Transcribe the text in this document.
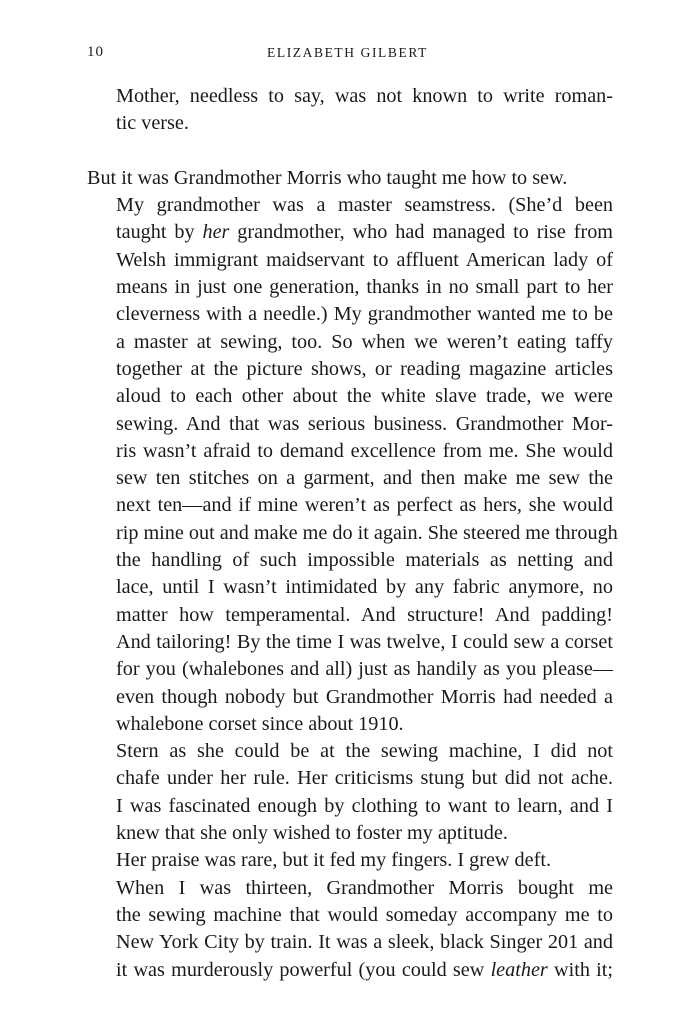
10	ELIZABETH GILBERT
Mother, needless to say, was not known to write roman-
tic verse.
But it was Grandmother Morris who taught me how to sew.
My grandmother was a master seamstress. (She’d been
taught by her grandmother, who had managed to rise from
Welsh immigrant maidservant to affluent American lady of
means in just one generation, thanks in no small part to her
cleverness with a needle.) My grandmother wanted me to be
a master at sewing, too. So when we weren’t eating taffy
together at the picture shows, or reading magazine articles
aloud to each other about the white slave trade, we were
sewing. And that was serious business. Grandmother Mor-
ris wasn’t afraid to demand excellence from me. She would
sew ten stitches on a garment, and then make me sew the
next ten—and if mine weren’t as perfect as hers, she would
rip mine out and make me do it again. She steered me through
the handling of such impossible materials as netting and
lace, until I wasn’t intimidated by any fabric anymore, no
matter how temperamental. And structure! And padding!
And tailoring! By the time I was twelve, I could sew a corset
for you (whalebones and all) just as handily as you please—
even though nobody but Grandmother Morris had needed a
whalebone corset since about 1910.
Stern as she could be at the sewing machine, I did not
chafe under her rule. Her criticisms stung but did not ache.
I was fascinated enough by clothing to want to learn, and I
knew that she only wished to foster my aptitude.
Her praise was rare, but it fed my fingers. I grew deft.
When I was thirteen, Grandmother Morris bought me
the sewing machine that would someday accompany me to
New York City by train. It was a sleek, black Singer 201 and
it was murderously powerful (you could sew leather with it;
